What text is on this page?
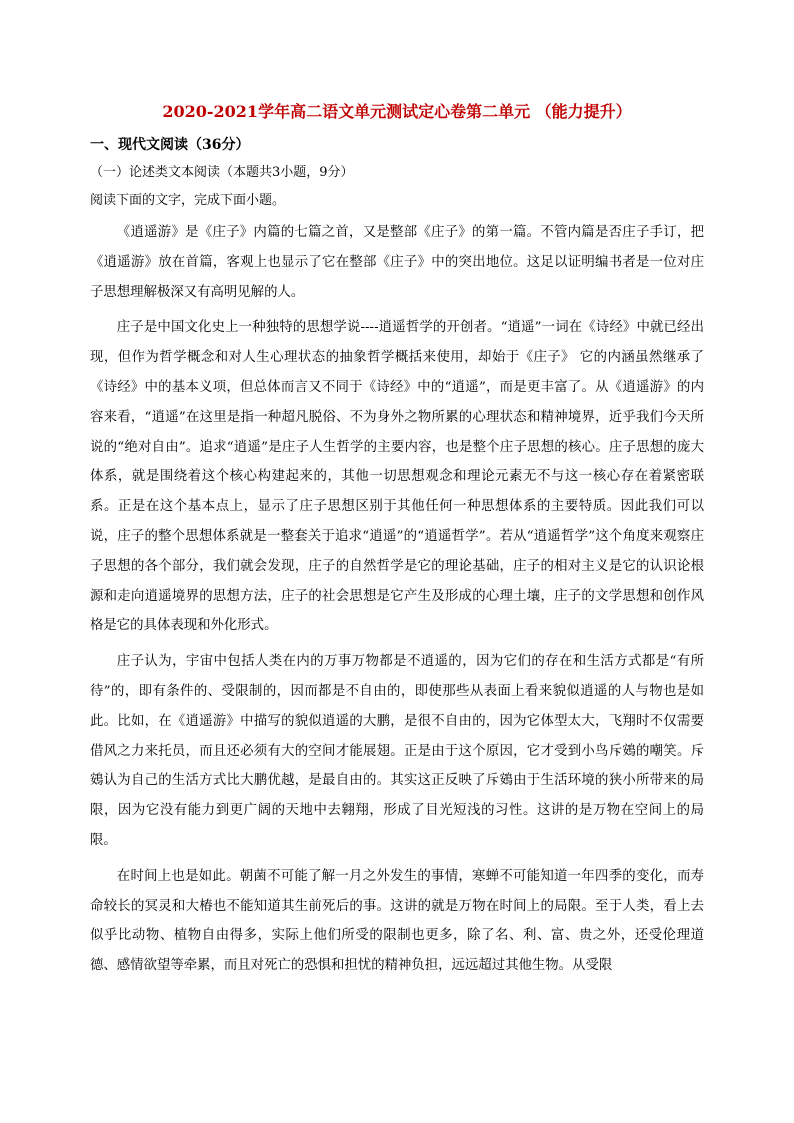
2020-2021学年高二语文单元测试定心卷第二单元 （能力提升）
一、现代文阅读（36分）
（一）论述类文本阅读（本题共3小题，9分）
阅读下面的文字，完成下面小题。

《逍遥游》是《庄子》内篇的七篇之首，又是整部《庄子》的第一篇。不管内篇是否庄子手订，把《逍遥游》放在首篇，客观上也显示了它在整部《庄子》中的突出地位。这足以证明编书者是一位对庄子思想理解极深又有高明见解的人。

庄子是中国文化史上一种独特的思想学说----逍遥哲学的开创者。“逍遥”一词在《诗经》中就已经出现，但作为哲学概念和对人生心理状态的抽象哲学概括来使用，却始于《庄子》 它的内涵虽然继承了《诗经》中的基本义项，但总体而言又不同于《诗经》中的“逍遥”，而是更丰富了。从《逍遥游》的内容来看，“逍遥”在这里是指一种超凡脱俗、不为身外之物所累的心理状态和精神境界，近乎我们今天所说的“绝对自由”。追求“逍遥”是庄子人生哲学的主要内容，也是整个庄子思想的核心。庄子思想的庞大体系，就是围绕着这个核心构建起来的，其他一切思想观念和理论元素无不与这一核心存在着紧密联系。正是在这个基本点上，显示了庄子思想区别于其他任何一种思想体系的主要特质。因此我们可以说，庄子的整个思想体系就是一整套关于追求“逍遥”的“逍遥哲学”。若从“逍遥哲学”这个角度来观察庄子思想的各个部分，我们就会发现，庄子的自然哲学是它的理论基础，庄子的相对主义是它的认识论根源和走向逍遥境界的思想方法，庄子的社会思想是它产生及形成的心理土壤，庄子的文学思想和创作风格是它的具体表现和外化形式。

庄子认为，宇宙中包括人类在内的万事万物都是不逍遥的，因为它们的存在和生活方式都是“有所待”的，即有条件的、受限制的，因而都是不自由的，即使那些从表面上看来貌似逍遥的人与物也是如此。比如，在《逍遥游》中描写的貌似逍遥的大鹏，是很不自由的，因为它体型太大，飞翔时不仅需要借风之力来托员，而且还必须有大的空间才能展翅。正是由于这个原因，它才受到小鸟斥鴳的嘲笑。斥鴳认为自己的生活方式比大鹏优越，是最自由的。其实这正反映了斥鴳由于生活环境的狭小所带来的局限，因为它没有能力到更广阔的天地中去翱翔，形成了目光短浅的习性。这讲的是万物在空间上的局限。

在时间上也是如此。朝菌不可能了解一月之外发生的事情，寒蝉不可能知道一年四季的变化，而寿命较长的冥灵和大椿也不能知道其生前死后的事。这讲的就是万物在时间上的局限。至于人类，看上去似乎比动物、植物自由得多，实际上他们所受的限制也更多，除了名、利、富、贵之外，还受伦理道德、感情欲望等牵累，而且对死亡的恐惧和担忧的精神负担，远远超过其他生物。从受限
